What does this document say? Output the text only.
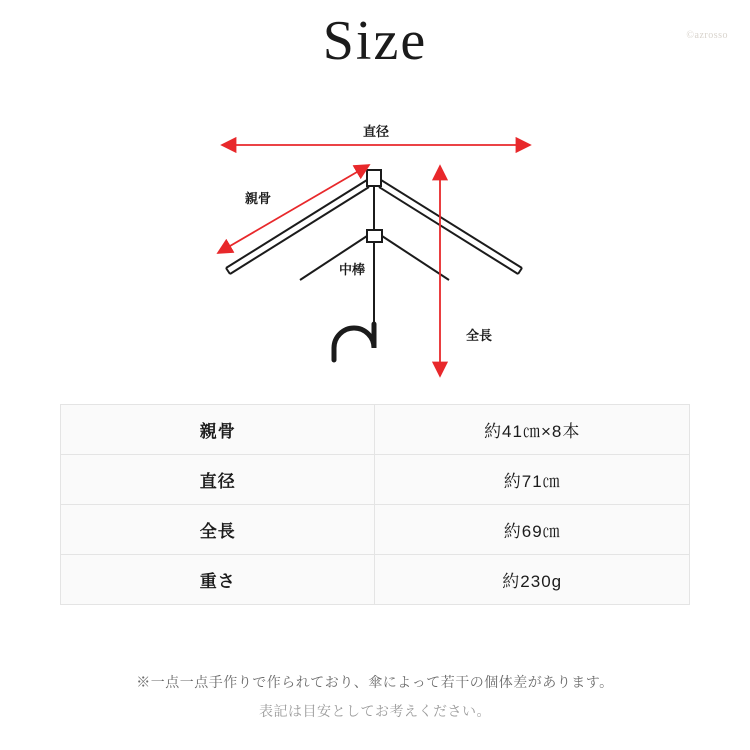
Size	©azrosso
直径
親骨
全長
中棒
親骨	約41㎝×8本
直径	約71㎝
全長	約69㎝
重さ	約230g
※一点一点手作りで作られており、傘によって若干の個体差があります。
表記は目安としてお考えください。
